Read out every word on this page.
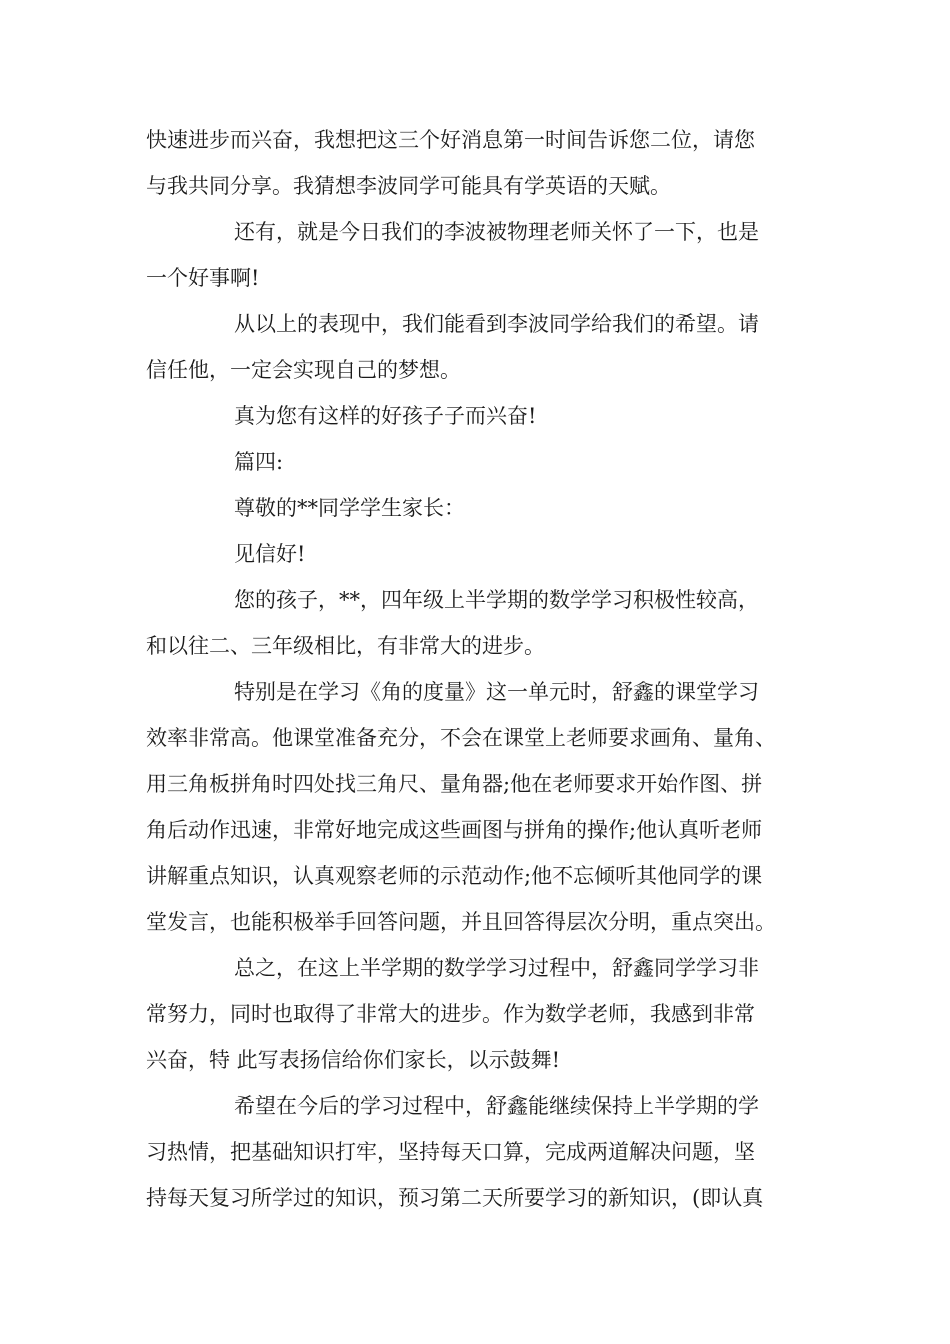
快速进步而兴奋，我想把这三个好消息第一时间告诉您二位，请您
与我共同分享。我猜想李波同学可能具有学英语的天赋。

还有，就是今日我们的李波被物理老师关怀了一下，也是
一个好事啊!

从以上的表现中，我们能看到李波同学给我们的希望。请
信任他，一定会实现自己的梦想。

真为您有这样的好孩子子而兴奋!

篇四:

尊敬的**同学学生家长：

见信好!

您的孩子，**，四年级上半学期的数学学习积极性较高，
和以往二、三年级相比，有非常大的进步。

特别是在学习《角的度量》这一单元时，舒鑫的课堂学习
效率非常高。他课堂准备充分，不会在课堂上老师要求画角、量角、
用三角板拼角时四处找三角尺、量角器;他在老师要求开始作图、拼
角后动作迅速，非常好地完成这些画图与拼角的操作;他认真听老师
讲解重点知识，认真观察老师的示范动作;他不忘倾听其他同学的课
堂发言，也能积极举手回答问题，并且回答得层次分明，重点突出。

总之，在这上半学期的数学学习过程中，舒鑫同学学习非
常努力，同时也取得了非常大的进步。作为数学老师，我感到非常
兴奋，特 此写表扬信给你们家长，以示鼓舞!

希望在今后的学习过程中，舒鑫能继续保持上半学期的学
习热情，把基础知识打牢，坚持每天口算，完成两道解决问题，坚
持每天复习所学过的知识，预习第二天所要学习的新知识，(即认真
